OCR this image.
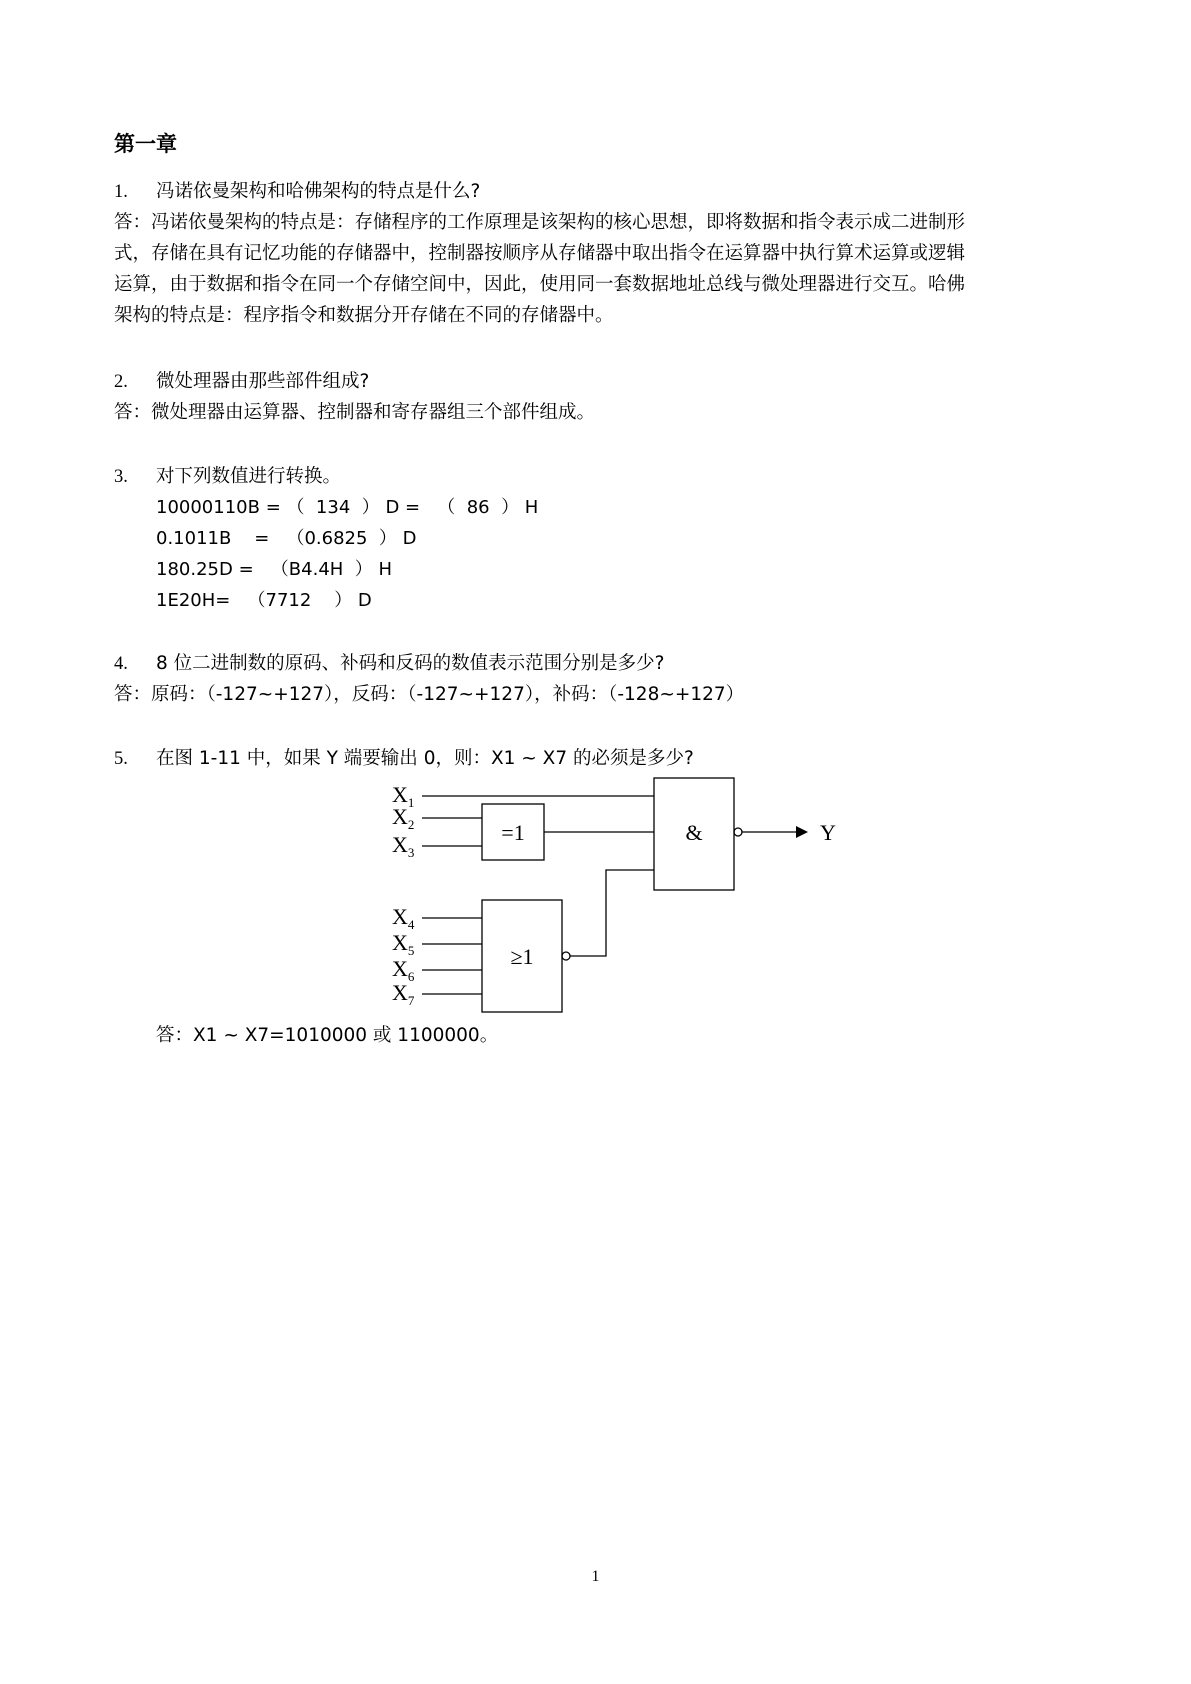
第一章
1. 冯诺依曼架构和哈佛架构的特点是什么?
答：冯诺依曼架构的特点是：存储程序的工作原理是该架构的核心思想，即将数据和指令表示成二进制形
式，存储在具有记忆功能的存储器中，控制器按顺序从存储器中取出指令在运算器中执行算术运算或逻辑
运算，由于数据和指令在同一个存储空间中，因此，使用同一套数据地址总线与微处理器进行交互。哈佛
架构的特点是：程序指令和数据分开存储在不同的存储器中。
2. 微处理器由那些部件组成?
答：微处理器由运算器、控制器和寄存器组三个部件组成。
3. 对下列数值进行转换。
10000110B = （  134  ） D =   （  86  ） H
0.1011B    =   （0.6825  ） D
180.25D =   （B4.4H  ） H
1E20H=   （7712    ） D
4. 8 位二进制数的原码、补码和反码的数值表示范围分别是多少?
答：原码：（-127~+127），反码：（-127~+127），补码：（-128~+127）
5. 在图 1-11 中，如果 Y 端要输出 0，则：X1 ~ X7 的必须是多少?
=1	&
≥1
Y
$X_1$
$X_2$
$X_3$
$X_4$
$X_5$
$X_6$
$X_7$
答：X1 ~ X7=1010000 或 1100000。
1
